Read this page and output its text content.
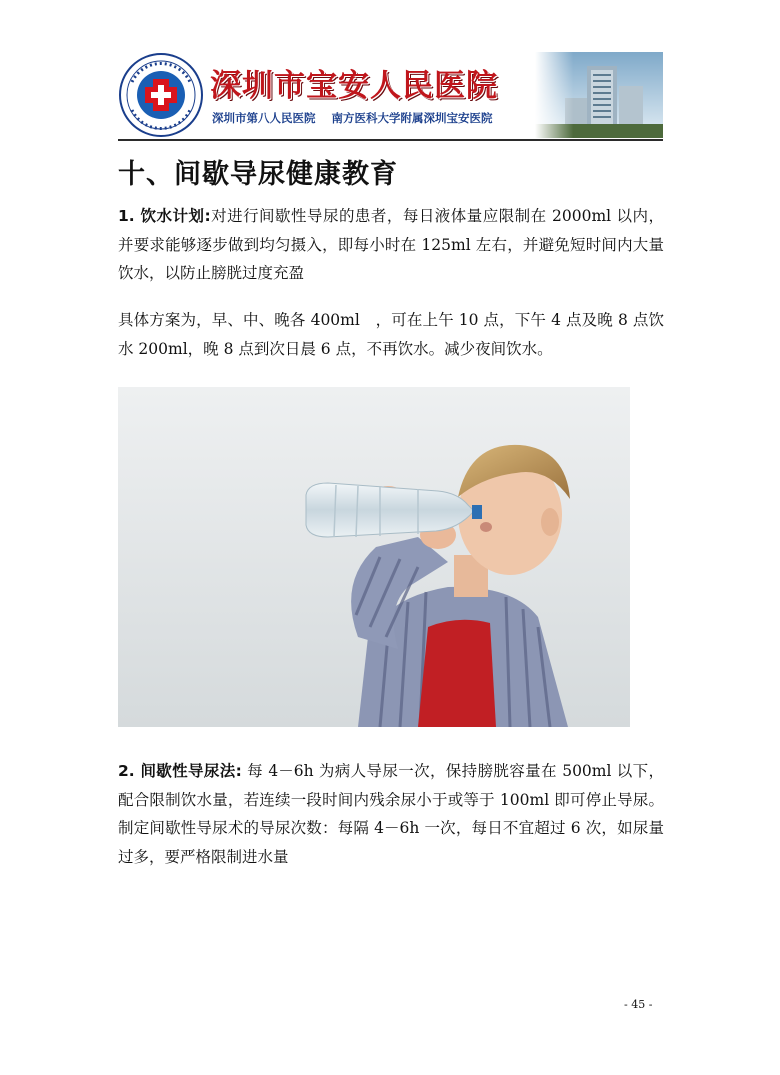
深圳市宝安人民医院
深圳市第八人民医院 南方医科大学附属深圳宝安医院
十、间歇导尿健康教育
1. 饮水计划:对进行间歇性导尿的患者，每日液体量应限制在 2000ml 以内，并要求能够逐步做到均匀摄入，即每小时在 125ml 左右，并避免短时间内大量饮水，以防止膀胱过度充盈
具体方案为，早、中、晚各 400ml　，可在上午 10 点，下午 4 点及晚 8 点饮水 200ml，晚 8 点到次日晨 6 点，不再饮水。减少夜间饮水。
2. 间歇性导尿法: 每 4－6h 为病人导尿一次，保持膀胱容量在 500ml 以下，配合限制饮水量，若连续一段时间内残余尿小于或等于 100ml 即可停止导尿。制定间歇性导尿术的导尿次数：每隔 4－6h 一次，每日不宜超过 6 次，如尿量过多，要严格限制进水量
- 45 -
